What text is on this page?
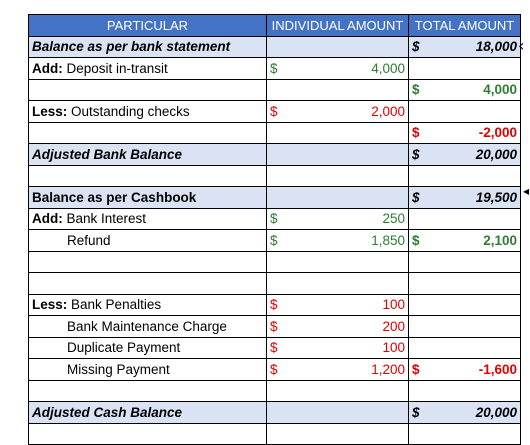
PARTICULAR	INDIVIDUAL AMOUNT		TOTAL AMOUNT	
Balance as per bank statement			$	18,000
Add: Deposit in-transit	$	4,000		
			$	4,000
Less: Outstanding checks	$	2,000		
			$	-2,000
Adjusted Bank Balance			$	20,000

Balance as per Cashbook			$	19,500
Add: Bank Interest	$	250		
Refund	$	1,850	$	2,100

Less: Bank Penalties	$	100		
Bank Maintenance Charge	$	200		
Duplicate Payment	$	100		
Missing Payment	$	1,200	$	-1,600

Adjusted Cash Balance			$	20,000

‹
◂
